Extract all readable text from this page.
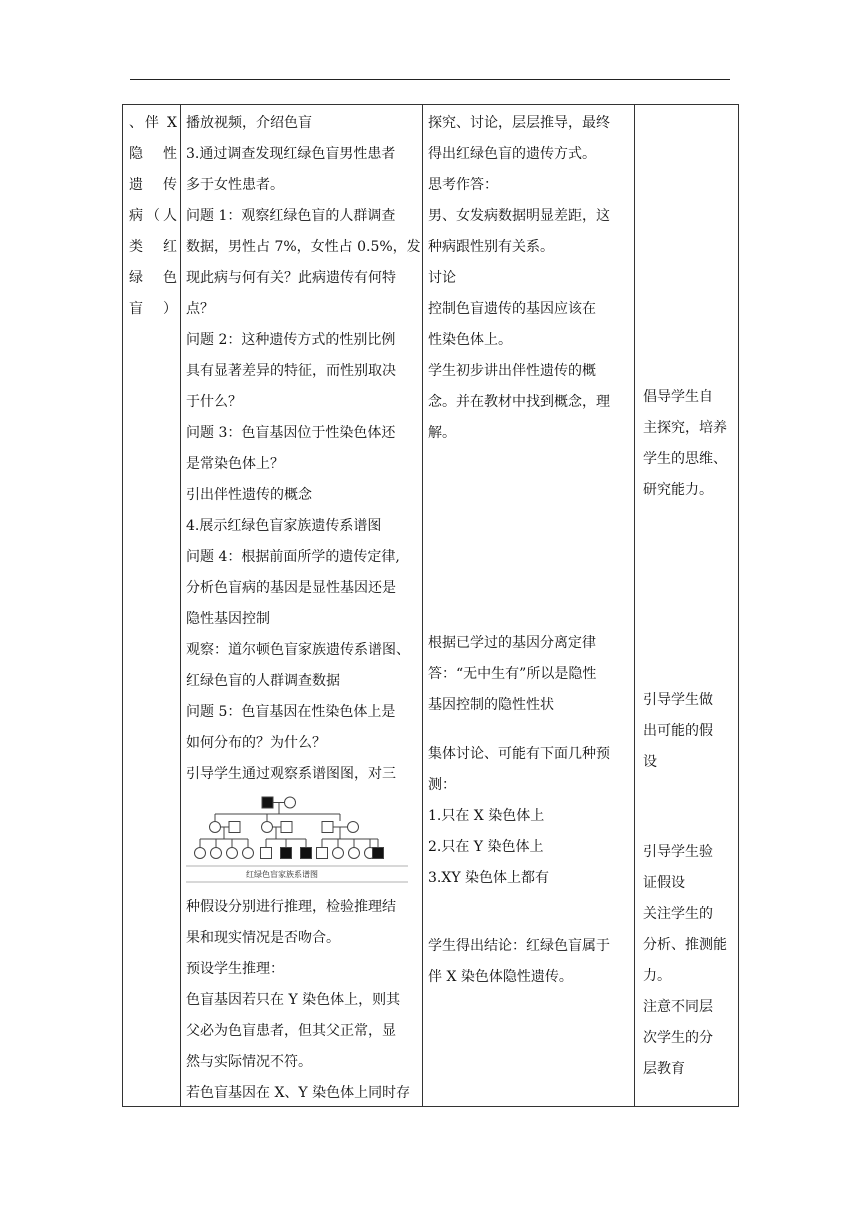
、伴 X
隐 性
遗 传
病（人
类 红
绿 色
盲）
播放视频，介绍色盲
3.通过调查发现红绿色盲男性患者
多于女性患者。
问题 1：观察红绿色盲的人群调查
数据，男性占 7%，女性占 0.5%，发
现此病与何有关？此病遗传有何特
点？
问题 2：这种遗传方式的性别比例
具有显著差异的特征，而性别取决
于什么？
问题 3：色盲基因位于性染色体还
是常染色体上？
引出伴性遗传的概念
4.展示红绿色盲家族遗传系谱图
问题 4：根据前面所学的遗传定律,
分析色盲病的基因是显性基因还是
隐性基因控制
观察：道尔顿色盲家族遗传系谱图、
红绿色盲的人群调查数据
问题 5：色盲基因在性染色体上是
如何分布的？为什么？
引导学生通过观察系谱图图，对三
红绿色盲家族系谱图
种假设分别进行推理，检验推理结
果和现实情况是否吻合。
预设学生推理：
色盲基因若只在 Y 染色体上，则其
父必为色盲患者，但其父正常，显
然与实际情况不符。
若色盲基因在 X、Y 染色体上同时存
探究、讨论，层层推导，最终
得出红绿色盲的遗传方式。
思考作答：
男、女发病数据明显差距，这
种病跟性别有关系。
讨论
控制色盲遗传的基因应该在
性染色体上。
学生初步讲出伴性遗传的概
念。并在教材中找到概念，理
解。
根据已学过的基因分离定律
答：“无中生有”所以是隐性
基因控制的隐性性状
集体讨论、可能有下面几种预
测：
1.只在 X 染色体上
2.只在 Y 染色体上
3.XY 染色体上都有
学生得出结论：红绿色盲属于
伴 X 染色体隐性遗传。
倡导学生自
主探究，培养
学生的思维、
研究能力。
引导学生做
出可能的假
设
引导学生验
证假设
关注学生的
分析、推测能
力。
注意不同层
次学生的分
层教育
